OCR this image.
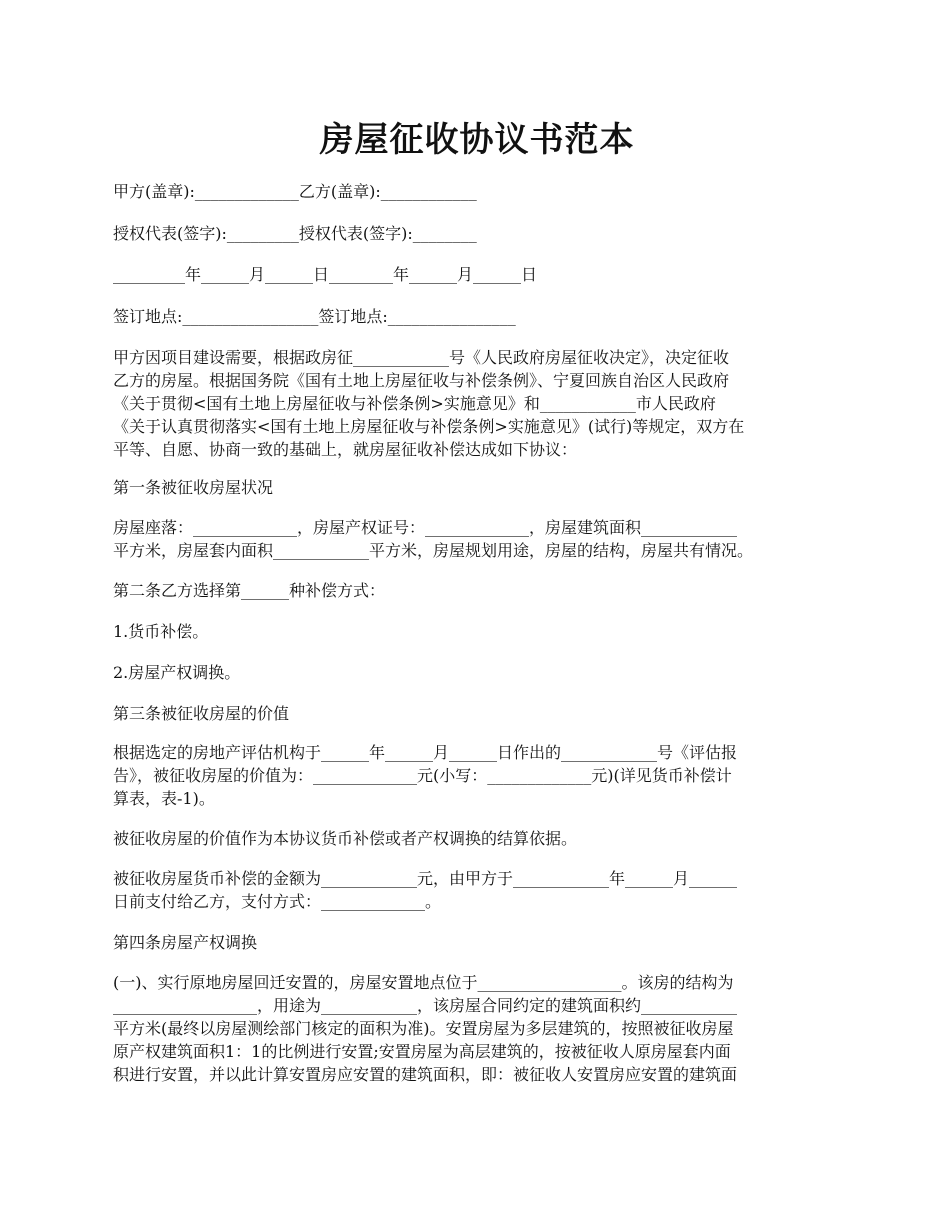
房屋征收协议书范本

甲方(盖章):_____________乙方(盖章):____________

授权代表(签字):_________授权代表(签字):________

_________年______月______日________年______月______日

签订地点:_________________签订地点:________________

甲方因项目建设需要，根据政房征____________号《人民政府房屋征收决定》，决定征收
乙方的房屋。根据国务院《国有土地上房屋征收与补偿条例》、宁夏回族自治区人民政府
《关于贯彻<国有土地上房屋征收与补偿条例>实施意见》和____________市人民政府
《关于认真贯彻落实<国有土地上房屋征收与补偿条例>实施意见》(试行)等规定，双方在
平等、自愿、协商一致的基础上，就房屋征收补偿达成如下协议：

第一条被征收房屋状况

房屋座落：_____________，房屋产权证号：_____________，房屋建筑面积____________
平方米，房屋套内面积____________平方米，房屋规划用途，房屋的结构，房屋共有情况。

第二条乙方选择第______种补偿方式：

1.货币补偿。

2.房屋产权调换。

第三条被征收房屋的价值

根据选定的房地产评估机构于______年______月______日作出的____________号《评估报
告》，被征收房屋的价值为：_____________元(小写：_____________元)(详见货币补偿计
算表，表-1)。

被征收房屋的价值作为本协议货币补偿或者产权调换的结算依据。

被征收房屋货币补偿的金额为____________元，由甲方于____________年______月______
日前支付给乙方，支付方式：_____________。

第四条房屋产权调换

(一)、实行原地房屋回迁安置的，房屋安置地点位于__________________。该房的结构为
__________________，用途为____________，该房屋合同约定的建筑面积约____________
平方米(最终以房屋测绘部门核定的面积为准)。安置房屋为多层建筑的，按照被征收房屋
原产权建筑面积1：1的比例进行安置;安置房屋为高层建筑的，按被征收人原房屋套内面
积进行安置，并以此计算安置房应安置的建筑面积，即：被征收人安置房应安置的建筑面
